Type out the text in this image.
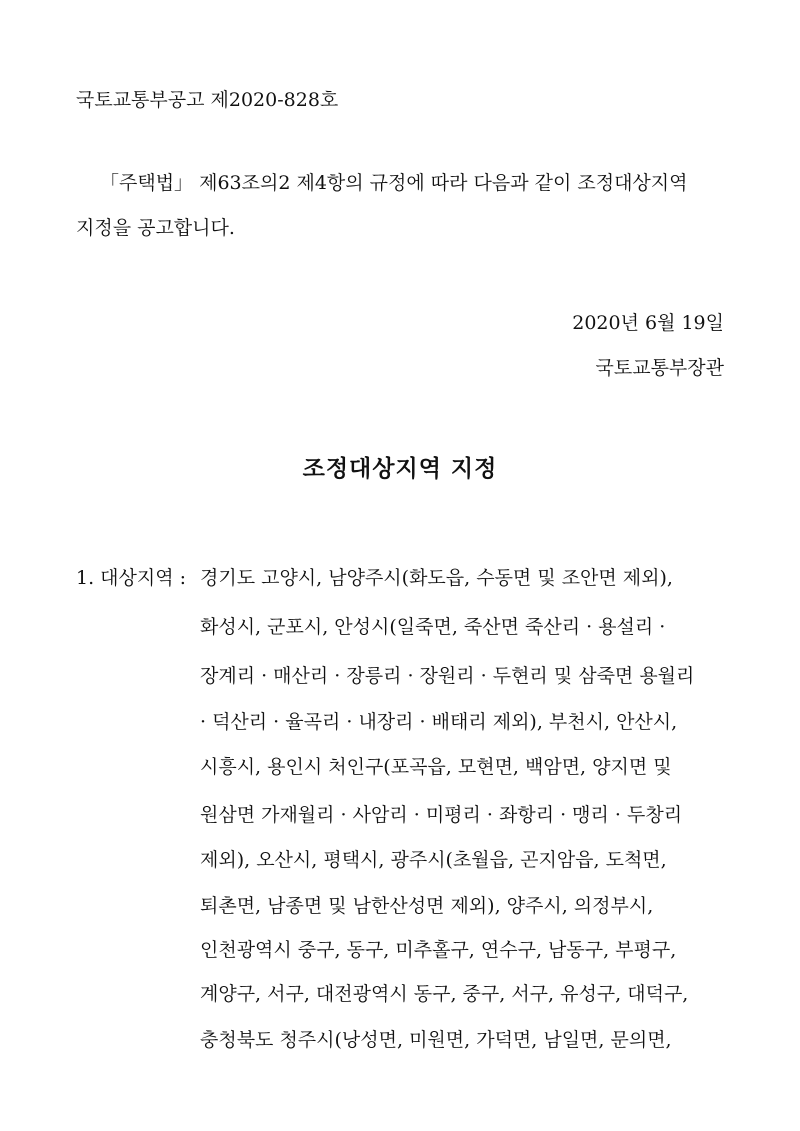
국토교통부공고 제2020-828호
「주택법」 제63조의2 제4항의 규정에 따라 다음과 같이 조정대상지역
지정을 공고합니다.
2020년 6월 19일
국토교통부장관
조정대상지역 지정
1. 대상지역 : 경기도 고양시, 남양주시(화도읍, 수동면 및 조안면 제외),
화성시, 군포시, 안성시(일죽면, 죽산면 죽산리 · 용설리 ·
장계리 · 매산리 · 장릉리 · 장원리 · 두현리 및 삼죽면 용월리
· 덕산리 · 율곡리 · 내장리 · 배태리 제외), 부천시, 안산시,
시흥시, 용인시 처인구(포곡읍, 모현면, 백암면, 양지면 및
원삼면 가재월리 · 사암리 · 미평리 · 좌항리 · 맹리 · 두창리
제외), 오산시, 평택시, 광주시(초월읍, 곤지암읍, 도척면,
퇴촌면, 남종면 및 남한산성면 제외), 양주시, 의정부시,
인천광역시 중구, 동구, 미추홀구, 연수구, 남동구, 부평구,
계양구, 서구, 대전광역시 동구, 중구, 서구, 유성구, 대덕구,
충청북도 청주시(낭성면, 미원면, 가덕면, 남일면, 문의면,
